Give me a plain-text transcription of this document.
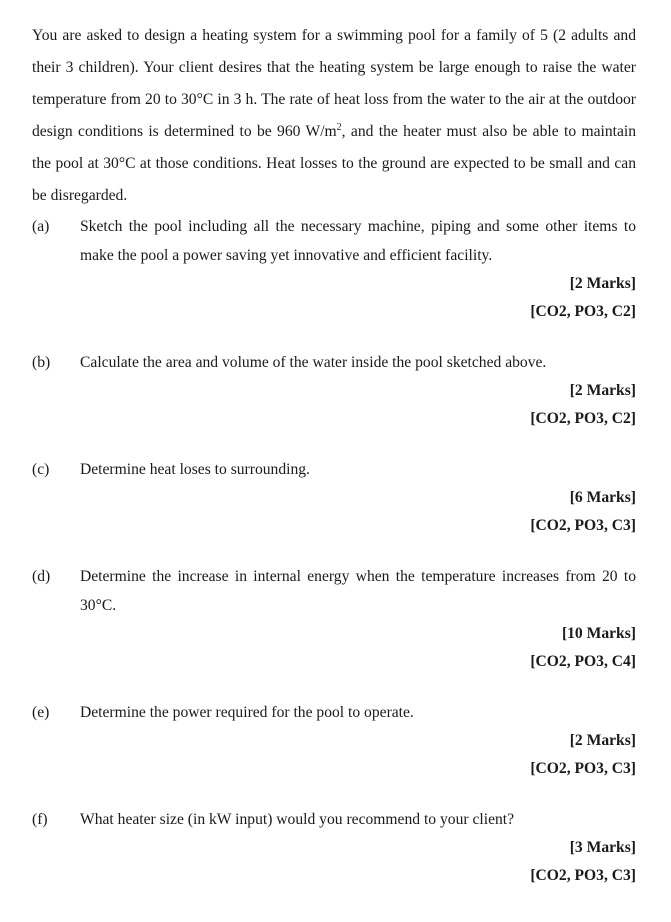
You are asked to design a heating system for a swimming pool for a family of 5 (2 adults and their 3 children). Your client desires that the heating system be large enough to raise the water temperature from 20 to 30°C in 3 h. The rate of heat loss from the water to the air at the outdoor design conditions is determined to be 960 $W/m^2$, and the heater must also be able to maintain the pool at 30°C at those conditions. Heat losses to the ground are expected to be small and can be disregarded.

(a) Sketch the pool including all the necessary machine, piping and some other items to make the pool a power saving yet innovative and efficient facility.
[2 Marks]
[CO2, PO3, C2]
(b) Calculate the area and volume of the water inside the pool sketched above.
[2 Marks]
[CO2, PO3, C2]
(c) Determine heat loses to surrounding.
[6 Marks]
[CO2, PO3, C3]
(d) Determine the increase in internal energy when the temperature increases from 20 to 30°C.
[10 Marks]
[CO2, PO3, C4]
(e) Determine the power required for the pool to operate.
[2 Marks]
[CO2, PO3, C3]
(f) What heater size (in kW input) would you recommend to your client?
[3 Marks]
[CO2, PO3, C3]
